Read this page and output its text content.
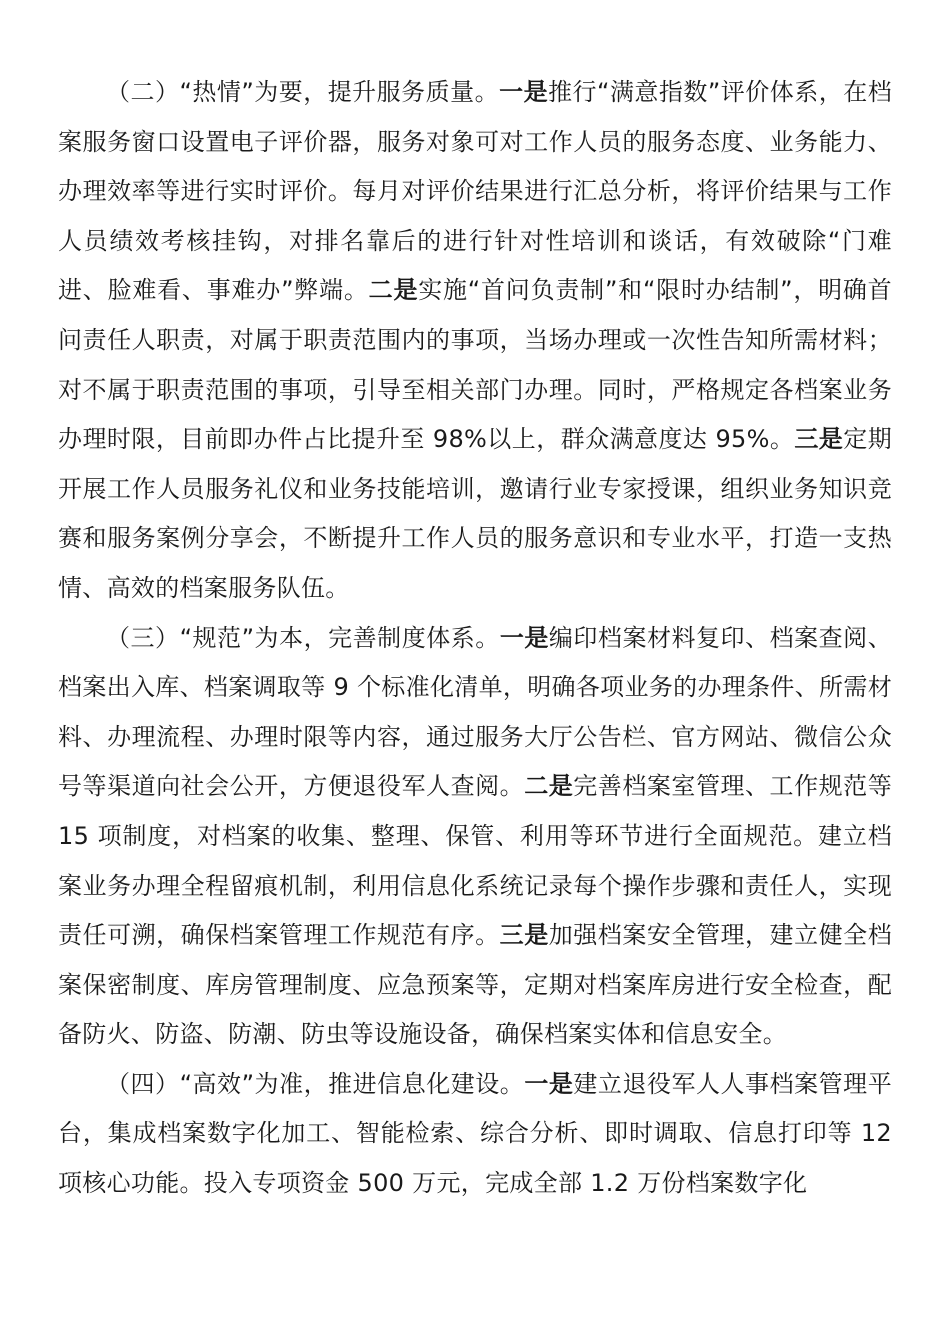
（二）“热情”为要，提升服务质量。一是推行“满意指数”评价体系，在档案服务窗口设置电子评价器，服务对象可对工作人员的服务态度、业务能力、办理效率等进行实时评价。每月对评价结果进行汇总分析，将评价结果与工作人员绩效考核挂钩，对排名靠后的进行针对性培训和谈话，有效破除“门难进、脸难看、事难办”弊端。二是实施“首问负责制”和“限时办结制”，明确首问责任人职责，对属于职责范围内的事项，当场办理或一次性告知所需材料；对不属于职责范围的事项，引导至相关部门办理。同时，严格规定各档案业务办理时限，目前即办件占比提升至 98%以上，群众满意度达 95%。三是定期开展工作人员服务礼仪和业务技能培训，邀请行业专家授课，组织业务知识竞赛和服务案例分享会，不断提升工作人员的服务意识和专业水平，打造一支热情、高效的档案服务队伍。

（三）“规范”为本，完善制度体系。一是编印档案材料复印、档案查阅、档案出入库、档案调取等 9 个标准化清单，明确各项业务的办理条件、所需材料、办理流程、办理时限等内容，通过服务大厅公告栏、官方网站、微信公众号等渠道向社会公开，方便退役军人查阅。二是完善档案室管理、工作规范等 15 项制度，对档案的收集、整理、保管、利用等环节进行全面规范。建立档案业务办理全程留痕机制，利用信息化系统记录每个操作步骤和责任人，实现责任可溯，确保档案管理工作规范有序。三是加强档案安全管理，建立健全档案保密制度、库房管理制度、应急预案等，定期对档案库房进行安全检查，配备防火、防盗、防潮、防虫等设施设备，确保档案实体和信息安全。

（四）“高效”为准，推进信息化建设。一是建立退役军人人事档案管理平台，集成档案数字化加工、智能检索、综合分析、即时调取、信息打印等 12 项核心功能。投入专项资金 500 万元，完成全部 1.2 万份档案数字化
